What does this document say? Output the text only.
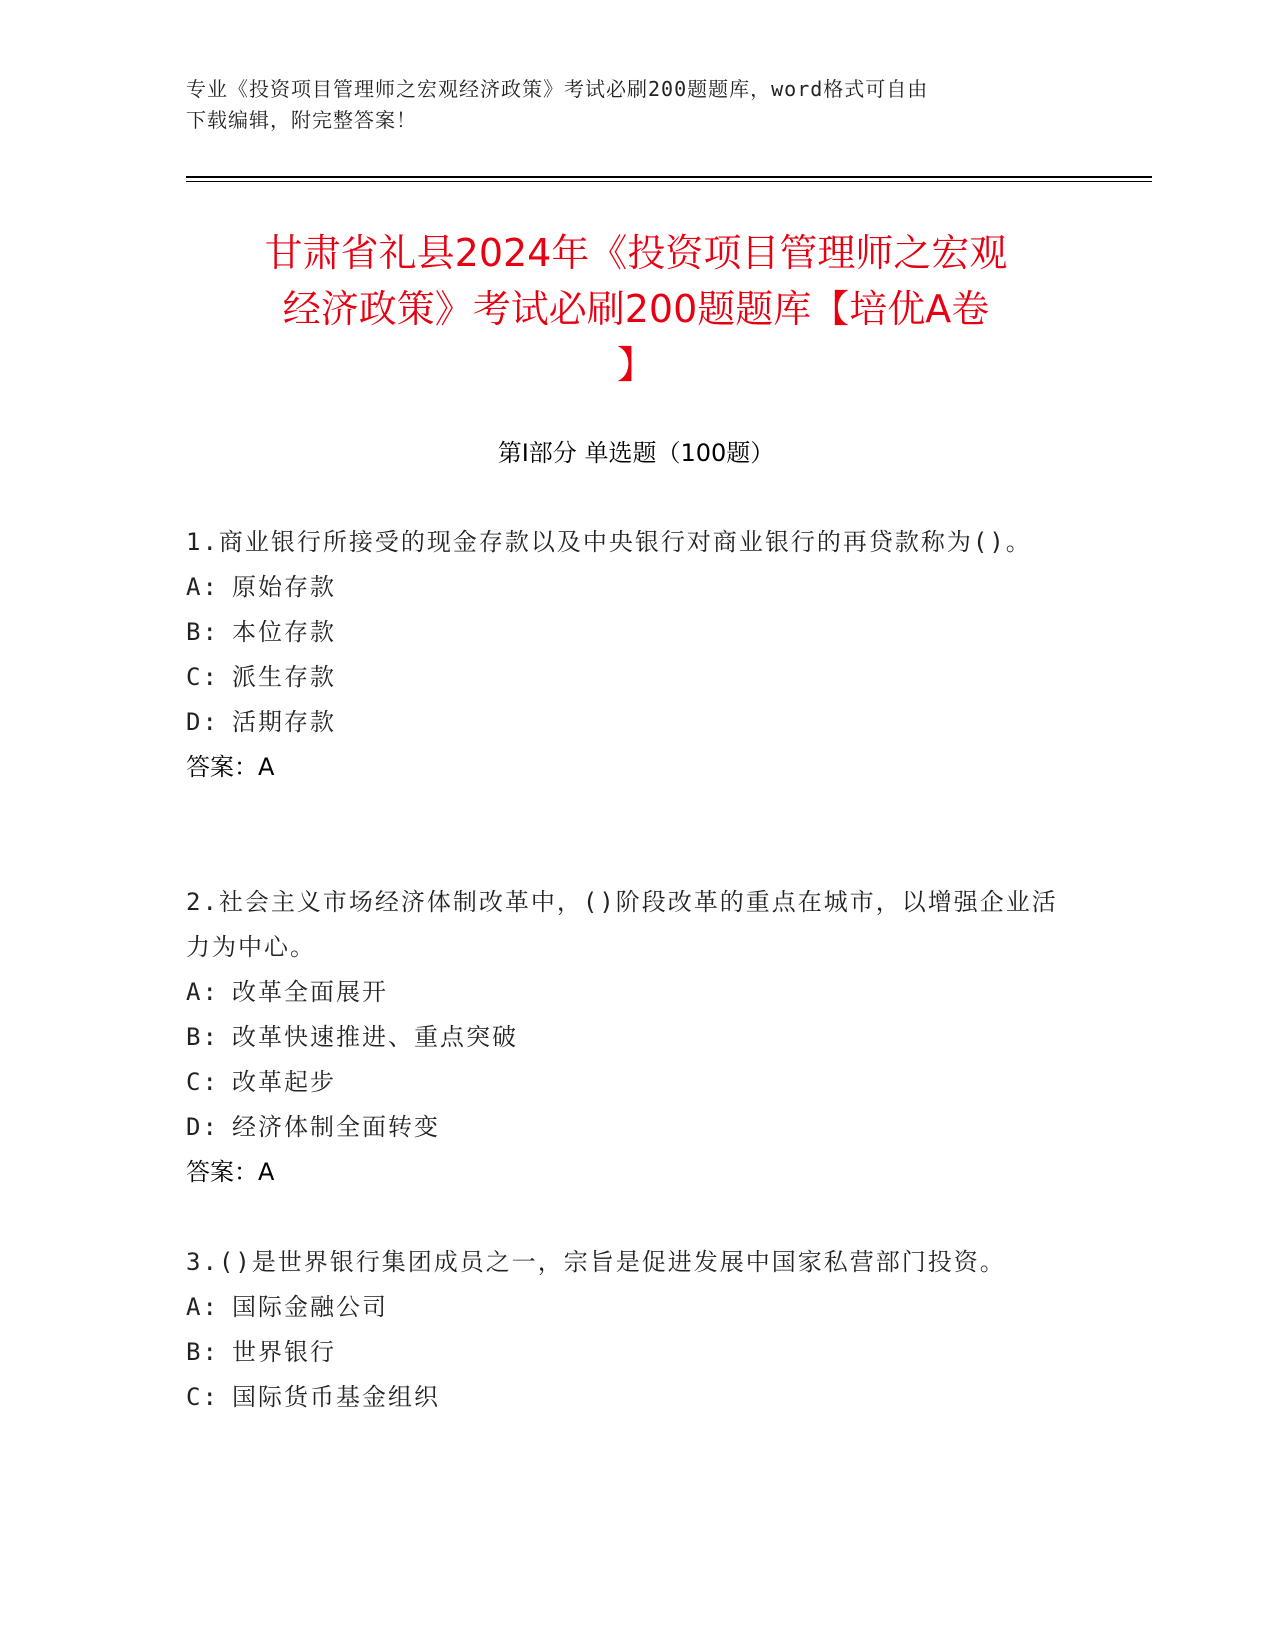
专业《投资项目管理师之宏观经济政策》考试必刷200题题库，word格式可自由
下载编辑，附完整答案！
甘肃省礼县2024年《投资项目管理师之宏观
经济政策》考试必刷200题题库【培优A卷
】
第I部分 单选题（100题）

1.商业银行所接受的现金存款以及中央银行对商业银行的再贷款称为()。

A: 原始存款

B: 本位存款

C: 派生存款

D: 活期存款

答案：A

2.社会主义市场经济体制改革中，()阶段改革的重点在城市，以增强企业活力为中心。

A: 改革全面展开

B: 改革快速推进、重点突破

C: 改革起步

D: 经济体制全面转变

答案：A

3.()是世界银行集团成员之一，宗旨是促进发展中国家私营部门投资。

A: 国际金融公司

B: 世界银行

C: 国际货币基金组织
